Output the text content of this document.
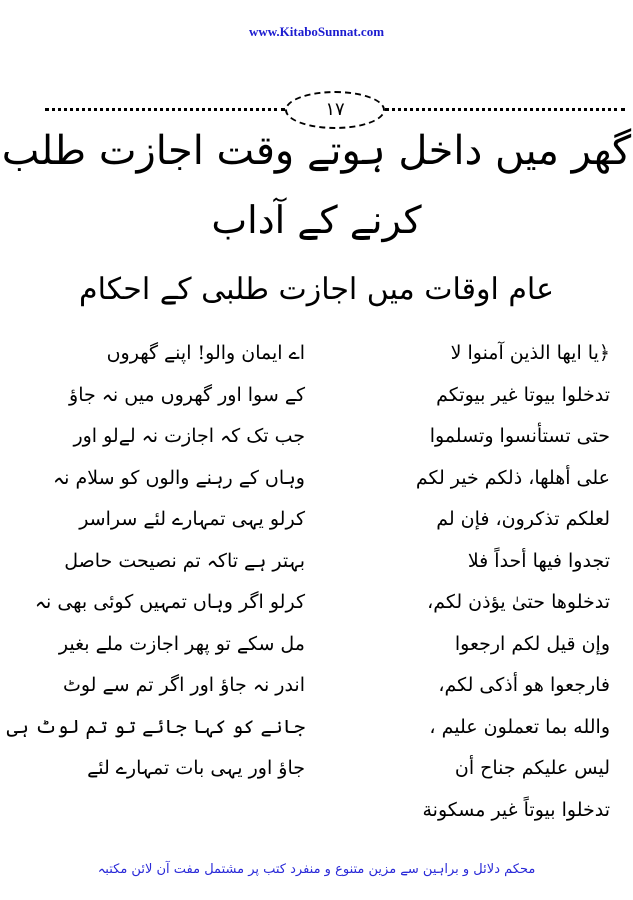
www.KitaboSunnat.com
١٧
گھر میں داخل ہوتے وقت اجازت طلب
کرنے کے آداب
عام اوقات میں اجازت طلبی کے احکام
﴿يا ايها الذين آمنوا لا
تدخلوا بيوتا غير بيوتكم
حتى تستأنسوا وتسلموا
على أهلها، ذلكم خير لكم
لعلكم تذكرون، فإن لم
تجدوا فيها أحداً فلا
تدخلوها حتىٰ يؤذن لكم،
وإن قيل لكم ارجعوا
فارجعوا هو أذكى لكم،
والله بما تعملون عليم ،
ليس عليكم جناح أن
تدخلوا بيوتاً غير مسكونة
اے ایمان والو! اپنے گھروں
کے سوا اور گھروں میں نہ جاؤ
جب تک کہ اجازت نہ لےلو اور
وہاں کے رہنے والوں کو سلام نہ
کرلو یہی تمہارے لئے سراسر
بہتر ہے تاکہ تم نصیحت حاصل
کرلو اگر وہاں تمہیں کوئی بھی نہ
مل سکے تو پھر اجازت ملے بغیر
اندر نہ جاؤ اور اگر تم سے لوٹ
جانے کو کہا جائے تو تم لوٹ ہی
جاؤ اور یہی بات تمہارے لئے
محکم دلائل و براہین سے مزین متنوع و منفرد کتب پر مشتمل مفت آن لائن مکتبہ
